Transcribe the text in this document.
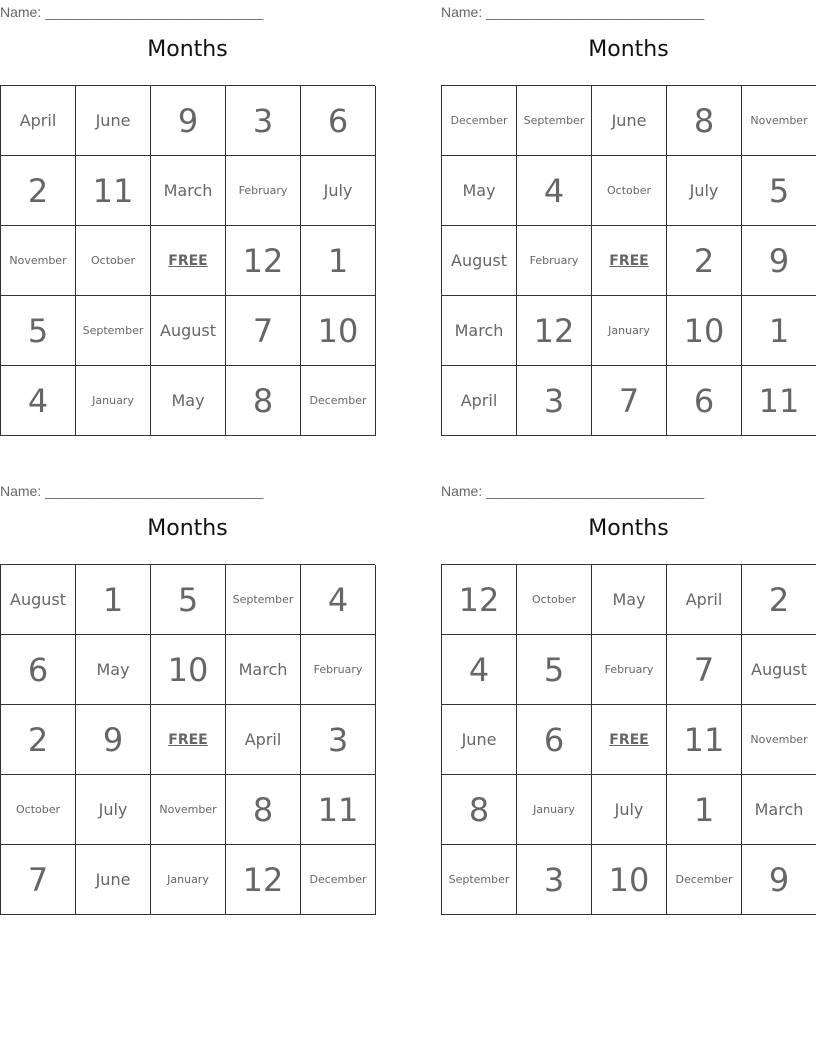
Name: ____________________________
Months
April	June	9	3	6
2	11	March	February	July
November	October	FREE	12	1
5	September	August	7	10
4	January	May	8	December
Name: ____________________________
Months
December	September	June	8	November
May	4	October	July	5
August	February	FREE	2	9
March 12	January	10	1
April	3	7	6	11
Name: ____________________________
Months
August	1	5	September	4
6	May	10	March	February
2	9	FREE	April	3
October	July	November	8	11
7	June	January	12	December
Name: ____________________________
Months
12	October	May	April	2
4	5	February	7	August
June	6	FREE	11	November
8	January	July	1	March
September	3	10	December	9
